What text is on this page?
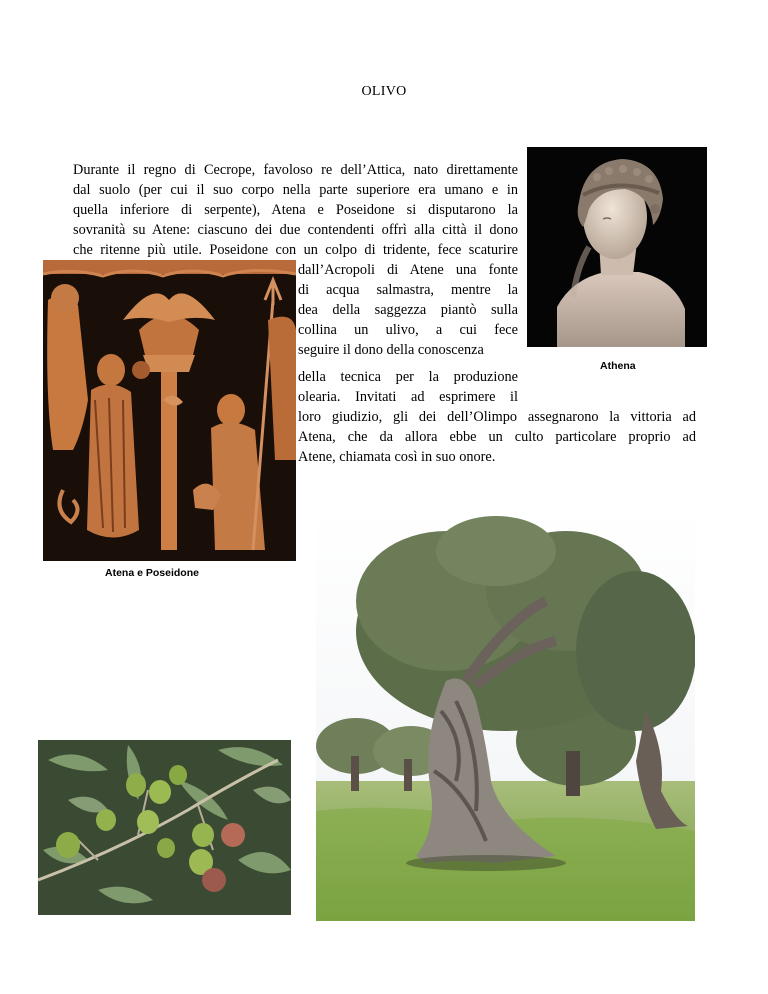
OLIVO
Durante il regno di Cecrope, favoloso re dell’Attica, nato direttamente
dal suolo (per cui il suo corpo nella parte superiore era umano e in
quella inferiore di serpente), Atena e Poseidone si disputarono la
sovranità su Atene: ciascuno dei due contendenti offrì alla città il dono
che ritenne più utile. Poseidone con un colpo di tridente, fece scaturire
dall’Acropoli di Atene una fonte
di acqua salmastra, mentre la
dea della saggezza piantò sulla
collina un ulivo, a cui fece
seguire il dono della conoscenza
della tecnica per la produzione
olearia. Invitati ad esprimere il
loro giudizio, gli dei dell’Olimpo assegnarono la vittoria ad
Atena, che da allora ebbe un culto particolare proprio ad
Atene, chiamata così in suo onore.
Athena
Atena e Poseidone
